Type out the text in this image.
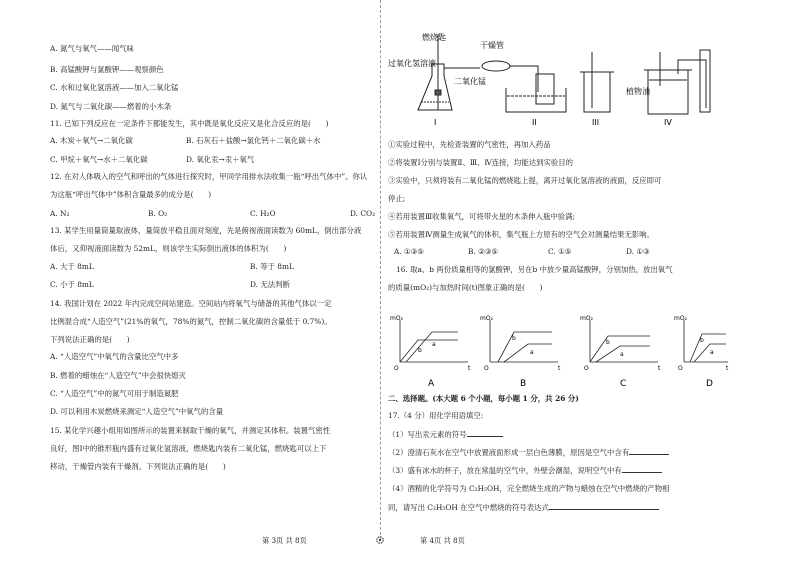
A. 氮气与氧气——闻气味
B. 高锰酸钾与氯酸钾——观察颜色
C. 水和过氧化氢溶液——加入二氧化锰
D. 氮气与二氧化碳——燃着的小木条
11. 已知下列反应在一定条件下都能发生，其中既是氧化反应又是化合反应的是(　　)
A. 木炭＋氧气→二氧化碳	B. 石灰石＋盐酸→氯化钙＋二氧化碳＋水
C. 甲烷＋氧气→水＋二氧化碳	D. 氧化汞→汞＋氧气
12. 在对人体吸入的空气和呼出的气体进行探究时，甲同学用排水法收集一瓶“呼出气体中”。你认
为这瓶“呼出气体中”体积含量最多的成分是(　　)
A. N₂	B. O₂	C. H₂O	D. CO₂
13. 某学生用量筒量取液体，量筒放平稳且面对刻度，先是俯视液面读数为 60mL，倒出部分液
体后，又仰视液面读数为 52mL，则该学生实际倒出液体的体积为(　　)
A. 大于 8mL	B. 等于 8mL
C. 小于 8mL	D. 无法判断
14. 我国计划在 2022 年内完成空间站建造。空间站内将氧气与储备的其他气体以一定
比例混合成“人造空气”(21%的氧气，78%的氮气，控制二氧化碳的含量低于 0.7%)。
下列说法正确的是(　　)
A. “人造空气”中氧气的含量比空气中多
B. 燃着的蜡烛在“人造空气”中会很快熄灭
C. “人造空气”中的氮气可用于制造氮肥
D. 可以利用木炭燃烧来测定“人造空气”中氧气的含量
15. 某化学兴趣小组用如图所示的装置来制取干燥的氧气，并测定其体积。装置气密性
良好，图Ⅰ中的锥形瓶内盛有过氧化氢溶液，燃烧匙内装有二氧化锰，燃烧匙可以上下
移动，干燥管内装有干燥剂。下列说法正确的是(　　)
燃烧匙
干燥管
过氧化氢溶液
二氧化锰
植物油
I	II	III	IV
①实验过程中，先检查装置的气密性，再加入药品
②将装置Ⅰ分别与装置Ⅱ、Ⅲ、Ⅳ连接，均能达到实验目的
③实验中，只须将装有二氧化锰的燃烧匙上提，离开过氧化氢溶液的液面，反应即可
停止;
④若用装置Ⅲ收集氧气，可将带火星的木条伸入瓶中验满;
⑤若用装置Ⅳ测量生成氧气的体积，集气瓶上方原有的空气会对测量结果无影响。
A. ①③⑤	B. ②③⑤	C. ①⑤	D. ①③
16. 取a、b 两份质量相等的氯酸钾，另在b 中放少量高锰酸钾，分别加热，放出氧气
的质量(mO₂)与加热时间(t)图象正确的是(　　)
mO₂	mO₂	mO₂	mO₂
O	O	O	O
t	t	t	t
a
b
b
a
b
a
b
a
A	B	C	D
二、选择题。(本大题 6 个小题，每小题 1 分，共 26 分)
17.（4 分）用化学用语填空:
（1）写出汞元素的符号
（2）澄清石灰水在空气中放置液面形成一层白色薄膜，原因是空气中含有
（3）盛有冰水的杯子，放在常温的空气中，外壁会潮湿，说明空气中有
（4）酒精的化学符号为 C₂H₅OH，完全燃烧生成的产物与蜡烛在空气中燃烧的产物相
同，请写出 C₂H₅OH 在空气中燃烧的符号表达式
第 3页 共 8页	第 4页 共 8页
